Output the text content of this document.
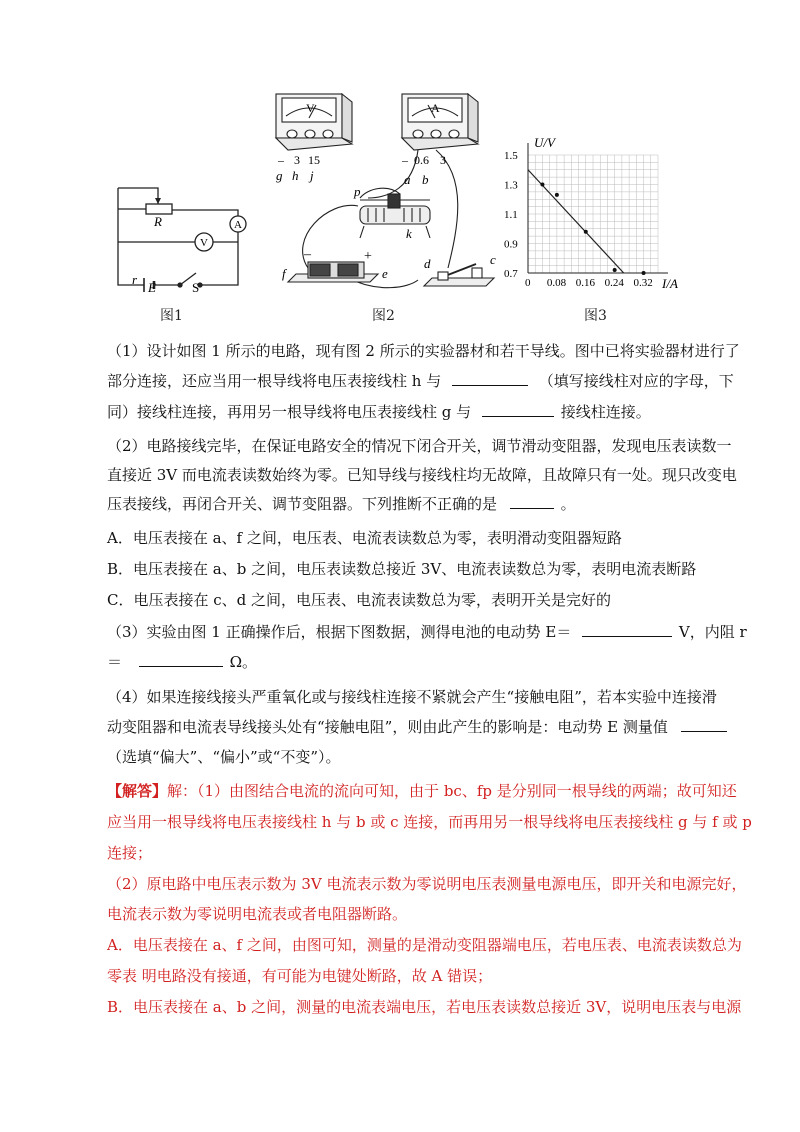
R	A
V
r
E	S
图1
V	A
– 3 15
g h j
– 0.6 3
a b
p
k
f	e
d	c
–	+
图2
0 0.08 0.16 0.24 0.32
0.7
0.9
1.1
1.3
1.5
U/V
I/A
图3
（1）设计如图 1 所示的电路，现有图 2 所示的实验器材和若干导线。图中已将实验器材进行了
部分连接，还应当用一根导线将电压表接线柱 h 与	（填写接线柱对应的字母，下
同）接线柱连接，再用另一根导线将电压表接线柱 g 与	接线柱连接。
（2）电路接线完毕，在保证电路安全的情况下闭合开关，调节滑动变阻器，发现电压表读数一
直接近 3V 而电流表读数始终为零。已知导线与接线柱均无故障，且故障只有一处。现只改变电
压表接线，再闭合开关、调节变阻器。下列推断不正确的是	。
A．电压表接在 a、f 之间，电压表、电流表读数总为零，表明滑动变阻器短路
B．电压表接在 a、b 之间，电压表读数总接近 3V、电流表读数总为零，表明电流表断路
C．电压表接在 c、d 之间，电压表、电流表读数总为零，表明开关是完好的
（3）实验由图 1 正确操作后，根据下图数据，测得电池的电动势 E＝	V，内阻 r
＝	Ω。
（4）如果连接线接头严重氧化或与接线柱连接不紧就会产生“接触电阻”，若本实验中连接滑
动变阻器和电流表导线接头处有“接触电阻”，则由此产生的影响是：电动势 E 测量值
（选填“偏大”、“偏小”或“不变”）。
【解答】解：（1）由图结合电流的流向可知，由于 bc、fp 是分别同一根导线的两端；故可知还
应当用一根导线将电压表接线柱 h 与 b 或 c 连接，而再用另一根导线将电压表接线柱 g 与 f 或 p
连接；
（2）原电路中电压表示数为 3V 电流表示数为零说明电压表测量电源电压，即开关和电源完好，
电流表示数为零说明电流表或者电阻器断路。
A．电压表接在 a、f 之间，由图可知，测量的是滑动变阻器端电压，若电压表、电流表读数总为
零表 明电路没有接通，有可能为电键处断路，故 A 错误；
B．电压表接在 a、b 之间，测量的电流表端电压，若电压表读数总接近 3V，说明电压表与电源
